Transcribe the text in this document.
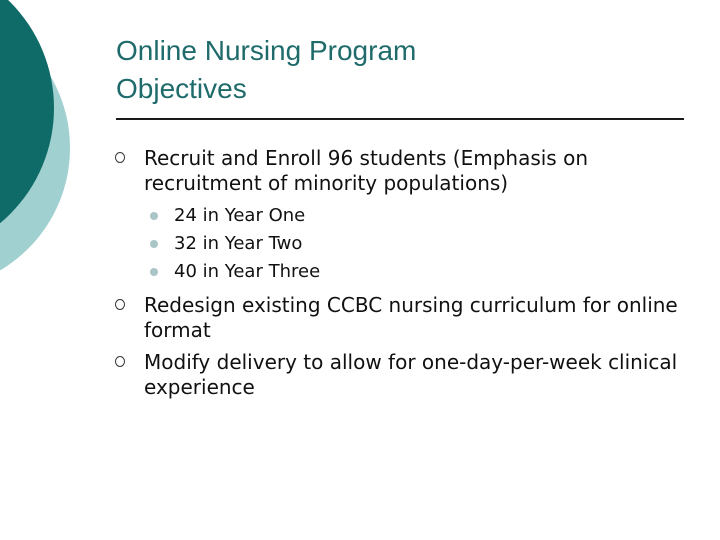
Online Nursing Program
Objectives
Recruit and Enroll 96 students (Emphasis on recruitment of minority populations)
24 in Year One
32 in Year Two
40 in Year Three
Redesign existing CCBC nursing curriculum for online format
Modify delivery to allow for one-day-per-week clinical experience
